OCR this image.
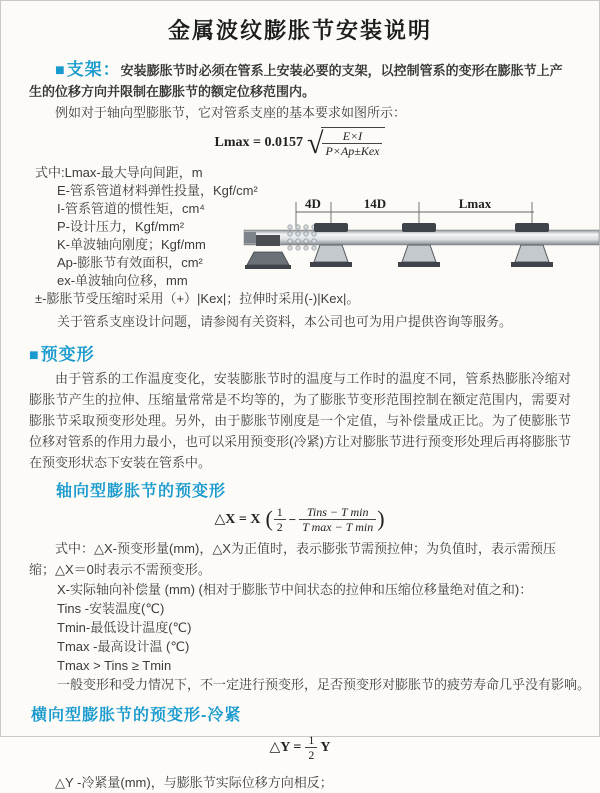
金属波纹膨胀节安装说明

■支架：安装膨胀节时必须在管系上安装必要的支架，以控制管系的变形在膨胀节上产生的位移方向并限制在膨胀节的额定位移范围内。

例如对于轴向型膨胀节，它对管系支座的基本要求如图所示：

Lmax = 0.0157 √ $\frac{E\times I}{\text{P×Ap±Kex}}$
式中:Lmax-最大导向间距，m
E-管系管道材料弹性投量，Kgf/cm²
I-管系管道的惯性矩，cm⁴
P-设计压力，Kgf/mm²
K-单波轴向刚度；Kgf/mm
Ap-膨胀节有效面积，cm²
ex-单波轴向位移，mm
±-膨胀节受压缩时采用（+）|Kex|；拉伸时采用(-)|Kex|。
关于管系支座设计问题，请参阅有关资料，本公司也可为用户提供咨询等服务。
4D	14D	Lmax
■预变形

由于管系的工作温度变化，安装膨胀节时的温度与工作时的温度不同，管系热膨胀冷缩对膨胀节产生的拉伸、压缩量常常是不均等的，为了膨胀节变形范围控制在额定范围内，需要对膨胀节采取预变形处理。另外，由于膨胀节刚度是一个定值，与补偿量成正比。为了使膨胀节位移对管系的作用力最小，也可以采用预变形(冷紧)方让对膨胀节进行预变形处理后再将膨胀节在预变形状态下安装在管系中。

轴向型膨胀节的预变形
△X = X ( $\frac{1}{2} - \frac{\text{Tins − T min}}{\text{T max − T min}}$ )

式中：△X-预变形量(mm)，△X为正值时，表示膨张节需预拉伸；为负值时，表示需预压缩；△X＝0时表示不需预变形。

X-实际轴向补偿量 (mm) (相对于膨胀节中间状态的拉伸和压缩位移量绝对值之和)：
Tins -安装温度(℃)
Tmin-最低设计温度(℃)
Tmax -最高设计温 (℃)
Tmax > Tins ≥ Tmin
一般变形和受力情况下，不一定进行预变形，足否预变形对膨胀节的疲劳寿命几乎没有影响。
横向型膨胀节的预变形-冷紧
△Y = $\frac{1}{2}$ Y

△Y -冷紧量(mm)，与膨胀节实际位移方向相反；
